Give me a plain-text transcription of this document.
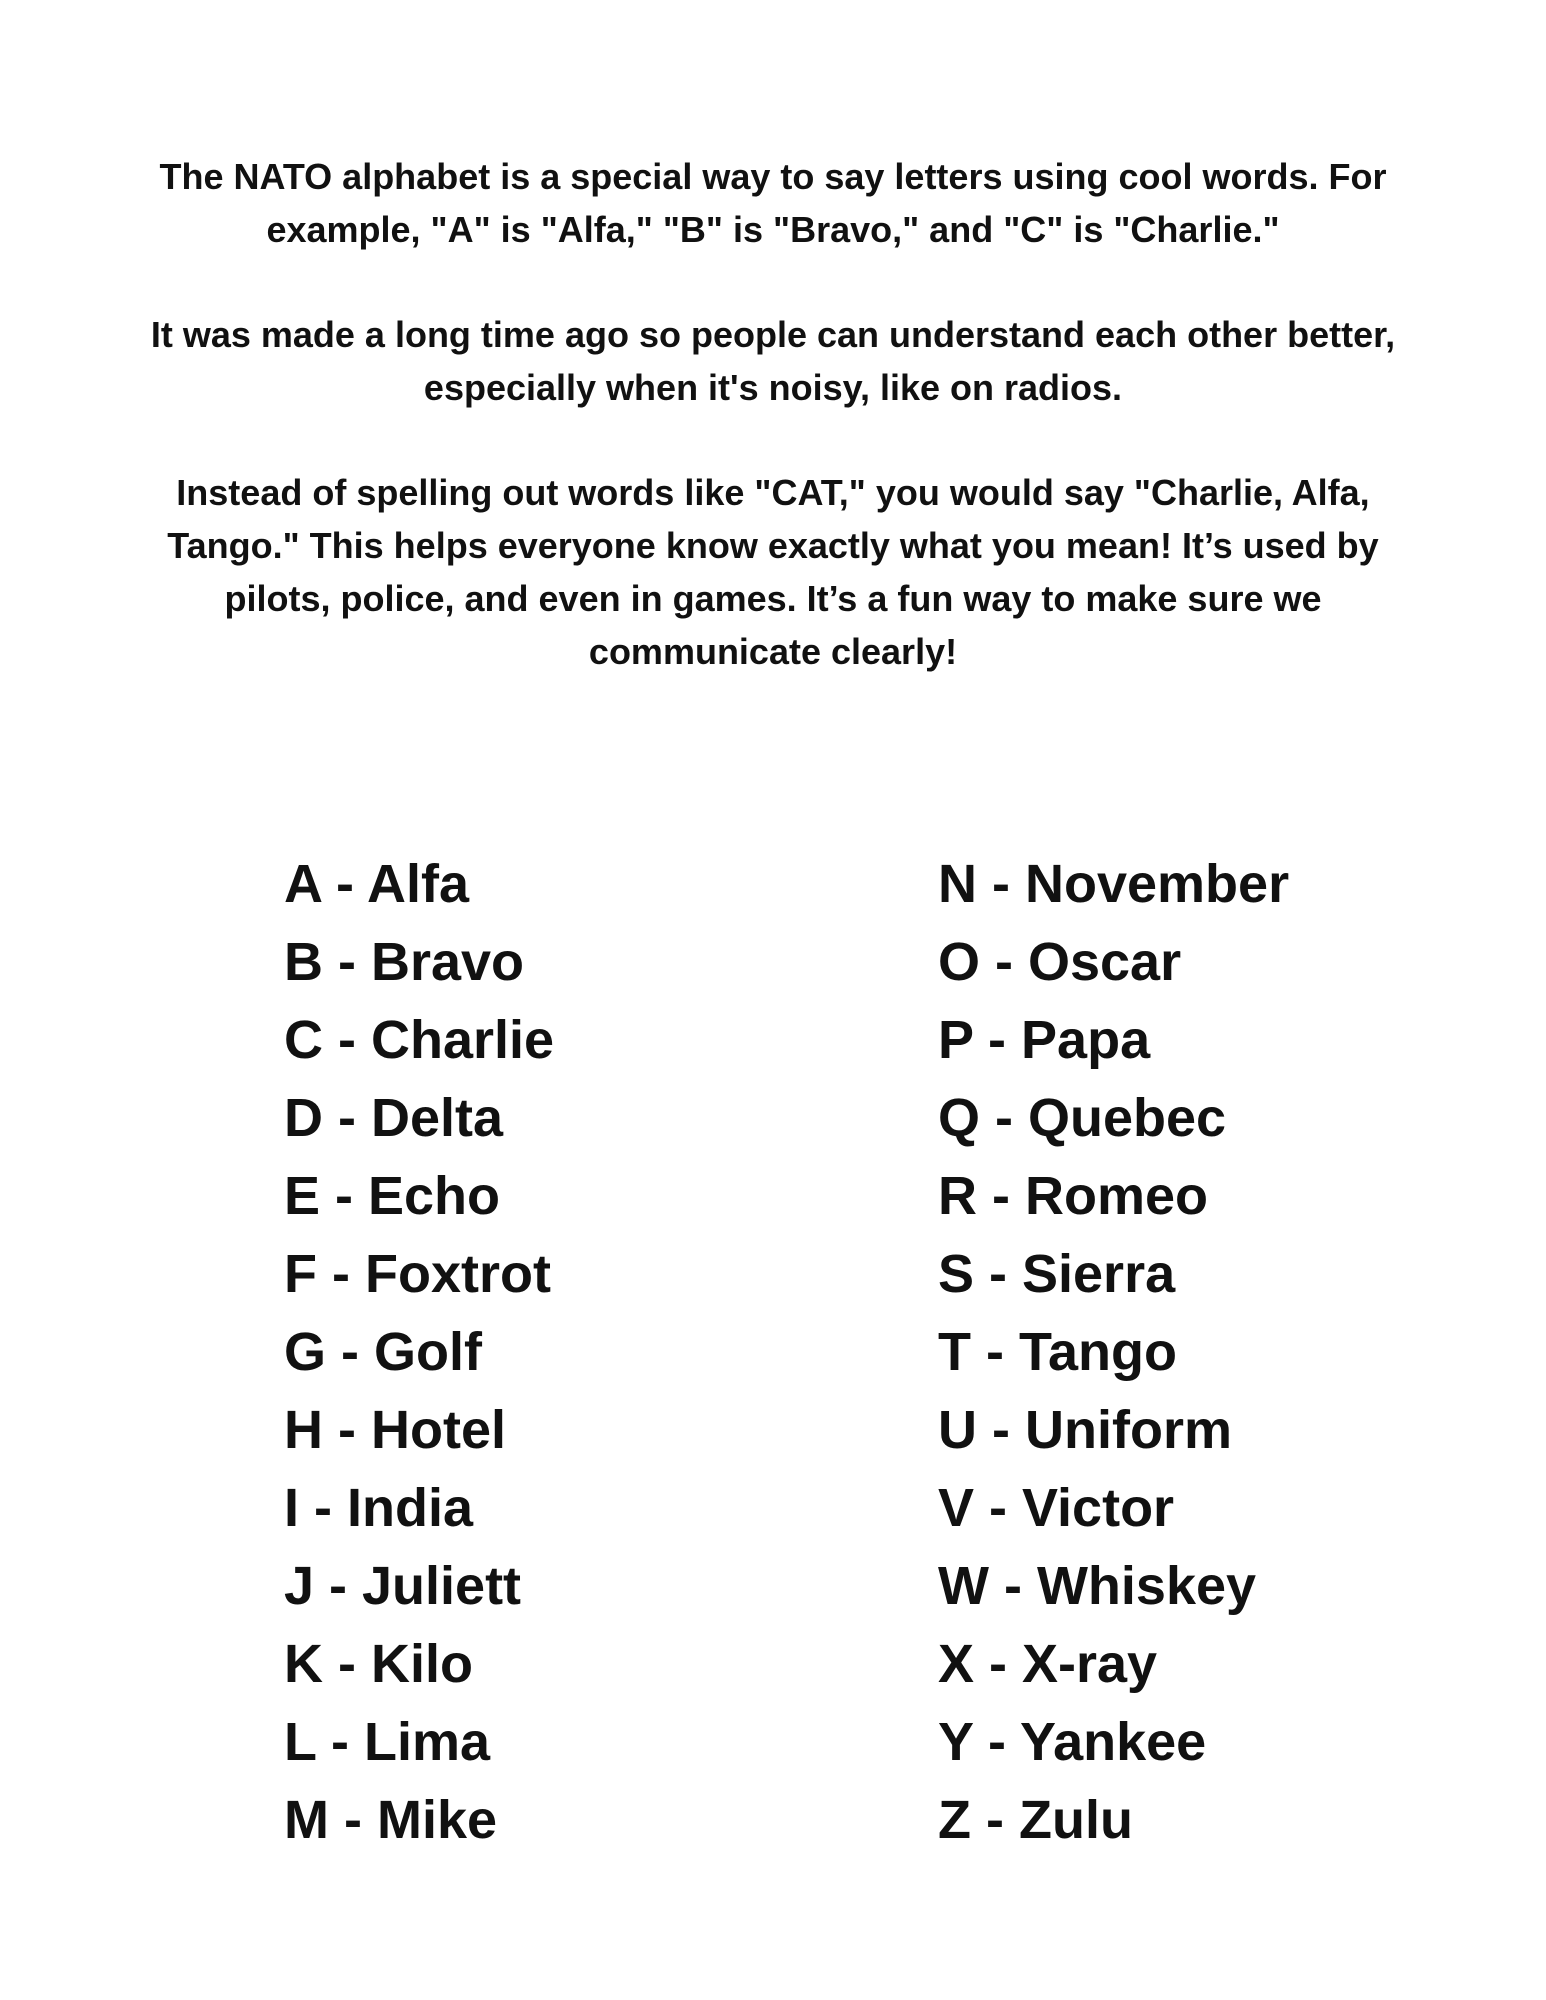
The NATO alphabet is a special way to say letters using cool words. For example, "A" is "Alfa," "B" is "Bravo," and "C" is "Charlie."

It was made a long time ago so people can understand each other better, especially when it's noisy, like on radios.

Instead of spelling out words like "CAT," you would say "Charlie, Alfa, Tango." This helps everyone know exactly what you mean! It’s used by pilots, police, and even in games. It’s a fun way to make sure we communicate clearly!

A - Alfa
B - Bravo
C - Charlie
D - Delta
E - Echo
F - Foxtrot
G - Golf
H - Hotel
I - India
J - Juliett
K - Kilo
L - Lima
M - Mike
N - November
O - Oscar
P - Papa
Q - Quebec
R - Romeo
S - Sierra
T - Tango
U - Uniform
V - Victor
W - Whiskey
X - X-ray
Y - Yankee
Z - Zulu
